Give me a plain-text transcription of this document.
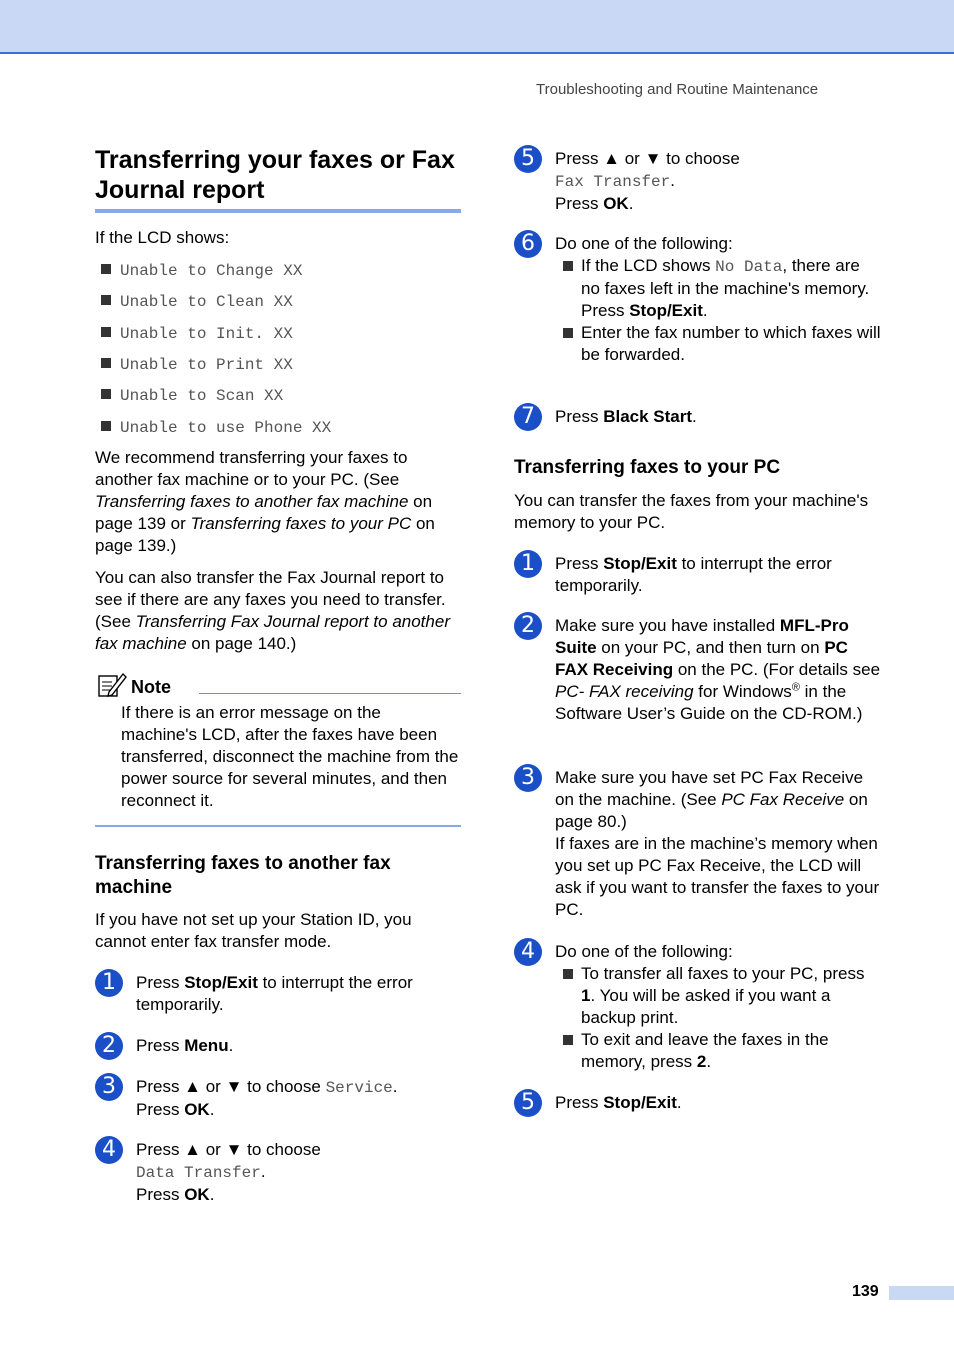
Troubleshooting and Routine Maintenance
Transferring your faxes or Fax
Journal report

If the LCD shows:

Unable to Change XX
Unable to Clean XX
Unable to Init. XX
Unable to Print XX
Unable to Scan XX
Unable to use Phone XX

We recommend transferring your faxes to another fax machine or to your PC. (See Transferring faxes to another fax machine on page 139 or Transferring faxes to your PC on page 139.)

You can also transfer the Fax Journal report to see if there are any faxes you need to transfer. (See Transferring Fax Journal report to another fax machine on page 140.)

Note

If there is an error message on the machine's LCD, after the faxes have been transferred, disconnect the machine from the power source for several minutes, and then reconnect it.

Transferring faxes to another fax machine

If you have not set up your Station ID, you cannot enter fax transfer mode.

1	Press Stop/Exit to interrupt the error temporarily.

2	Press Menu.

3	Press ▲ or ▼ to choose Service.
Press OK.

4	Press ▲ or ▼ to choose
Data Transfer.
Press OK.

5	Press ▲ or ▼ to choose
Fax Transfer.
Press OK.

6	Do one of the following:

If the LCD shows No Data, there are no faxes left in the machine's memory.
Press Stop/Exit.

Enter the fax number to which faxes will be forwarded.

7	Press Black Start.

Transferring faxes to your PC

You can transfer the faxes from your machine's memory to your PC.

1	Press Stop/Exit to interrupt the error temporarily.

2	Make sure you have installed MFL-Pro Suite on your PC, and then turn on PC FAX Receiving on the PC. (For details see PC- FAX receiving for Windows® in the Software User’s Guide on the CD-ROM.)

3	Make sure you have set PC Fax Receive on the machine. (See PC Fax Receive on page 80.)
If faxes are in the machine’s memory when you set up PC Fax Receive, the LCD will ask if you want to transfer the faxes to your PC.

4	Do one of the following:

To transfer all faxes to your PC, press 1. You will be asked if you want a backup print.

To exit and leave the faxes in the memory, press 2.

5	Press Stop/Exit.

139
